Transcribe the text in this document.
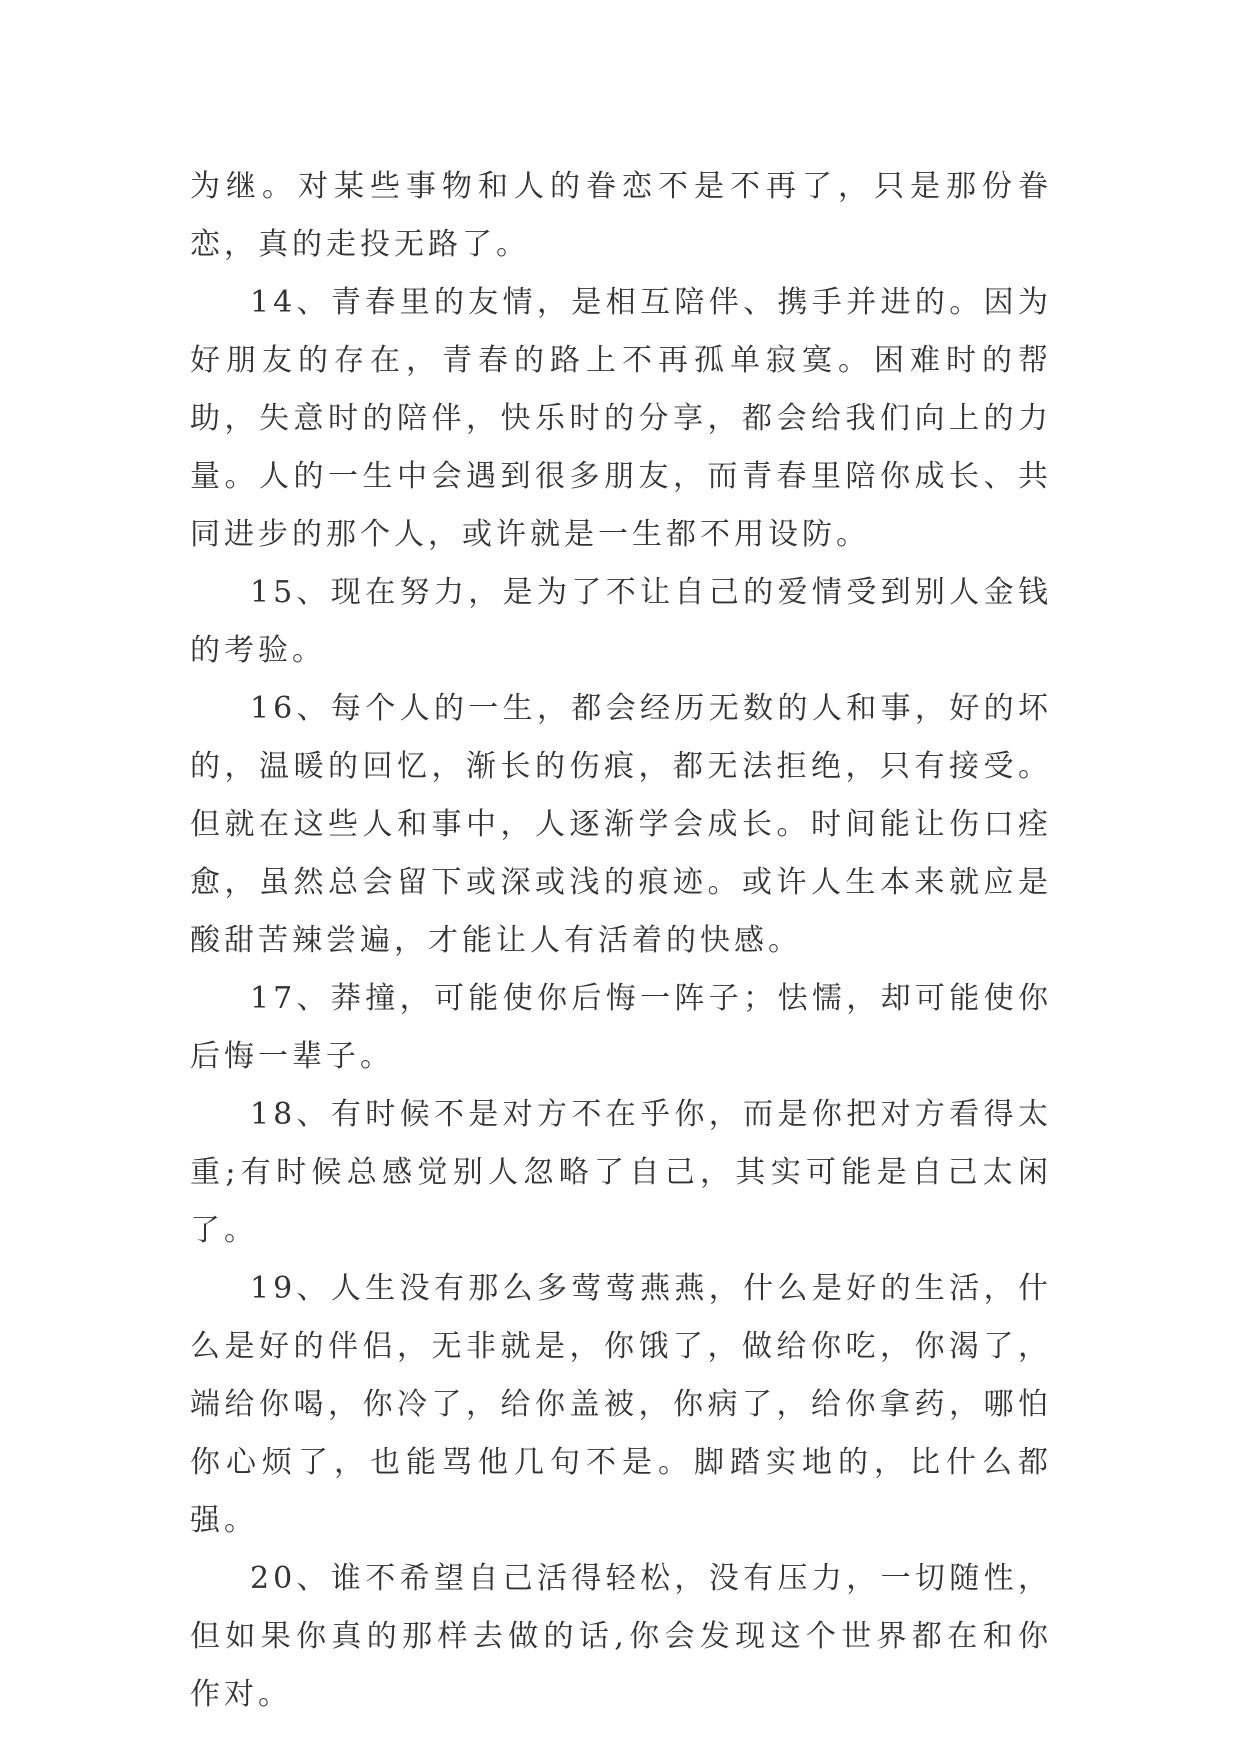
为继。对某些事物和人的眷恋不是不再了，只是那份眷恋，真的走投无路了。

14、青春里的友情，是相互陪伴、携手并进的。因为好朋友的存在，青春的路上不再孤单寂寞。困难时的帮助，失意时的陪伴，快乐时的分享，都会给我们向上的力量。人的一生中会遇到很多朋友，而青春里陪你成长、共同进步的那个人，或许就是一生都不用设防。

15、现在努力，是为了不让自己的爱情受到别人金钱的考验。

16、每个人的一生，都会经历无数的人和事，好的坏的，温暖的回忆，渐长的伤痕，都无法拒绝，只有接受。但就在这些人和事中，人逐渐学会成长。时间能让伤口痊愈，虽然总会留下或深或浅的痕迹。或许人生本来就应是酸甜苦辣尝遍，才能让人有活着的快感。

17、莽撞，可能使你后悔一阵子；怯懦，却可能使你后悔一辈子。

18、有时候不是对方不在乎你，而是你把对方看得太重;有时候总感觉别人忽略了自己，其实可能是自己太闲了。

19、人生没有那么多莺莺燕燕，什么是好的生活，什么是好的伴侣，无非就是，你饿了，做给你吃，你渴了，端给你喝，你冷了，给你盖被，你病了，给你拿药，哪怕你心烦了，也能骂他几句不是。脚踏实地的，比什么都强。

20、谁不希望自己活得轻松，没有压力，一切随性，但如果你真的那样去做的话,你会发现这个世界都在和你作对。
